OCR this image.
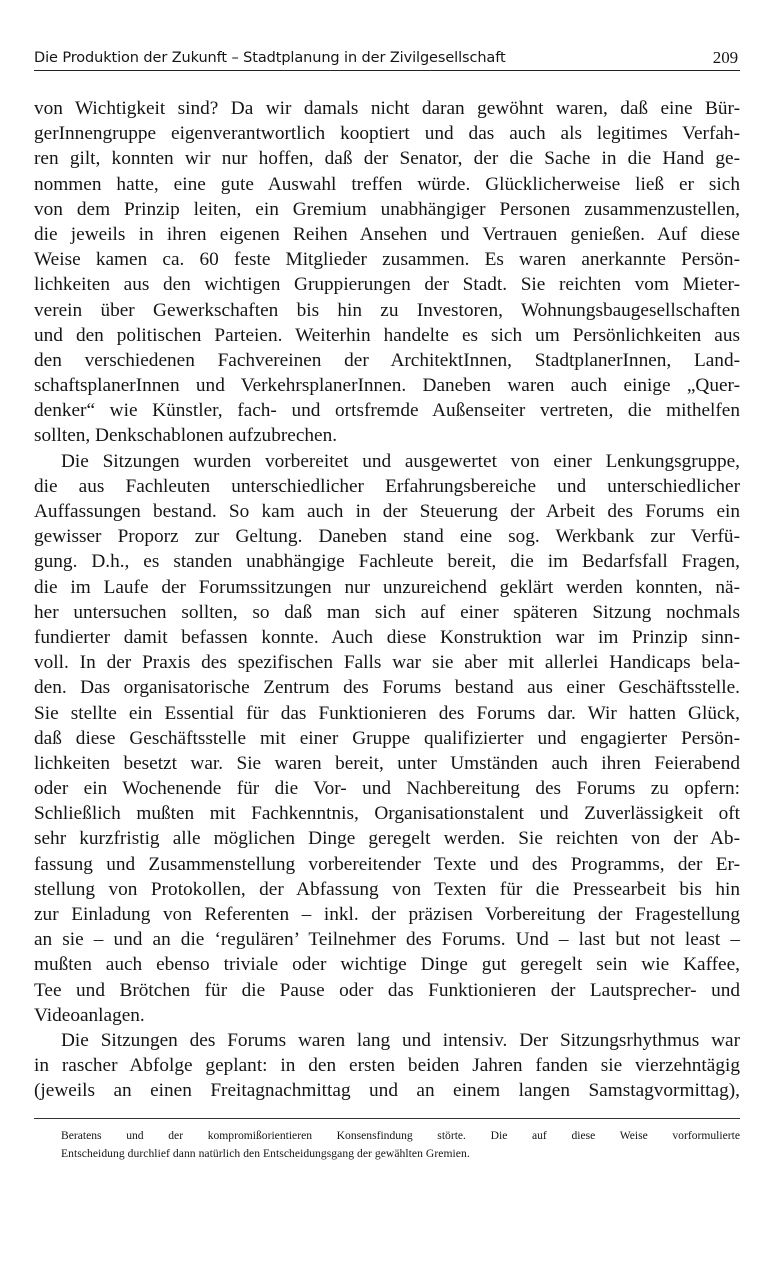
Die Produktion der Zukunft – Stadtplanung in der Zivilgesellschaft	209
von Wichtigkeit sind? Da wir damals nicht daran gewöhnt waren, daß eine Bür-
gerInnengruppe eigenverantwortlich kooptiert und das auch als legitimes Verfah-
ren gilt, konnten wir nur hoffen, daß der Senator, der die Sache in die Hand ge-
nommen hatte, eine gute Auswahl treffen würde. Glücklicherweise ließ er sich
von dem Prinzip leiten, ein Gremium unabhängiger Personen zusammenzustellen,
die jeweils in ihren eigenen Reihen Ansehen und Vertrauen genießen. Auf diese
Weise kamen ca. 60 feste Mitglieder zusammen. Es waren anerkannte Persön-
lichkeiten aus den wichtigen Gruppierungen der Stadt. Sie reichten vom Mieter-
verein über Gewerkschaften bis hin zu Investoren, Wohnungsbaugesellschaften
und den politischen Parteien. Weiterhin handelte es sich um Persönlichkeiten aus
den verschiedenen Fachvereinen der ArchitektInnen, StadtplanerInnen, Land-
schaftsplanerInnen und VerkehrsplanerInnen. Daneben waren auch einige „Quer-
denker“ wie Künstler, fach- und ortsfremde Außenseiter vertreten, die mithelfen
sollten, Denkschablonen aufzubrechen.
Die Sitzungen wurden vorbereitet und ausgewertet von einer Lenkungsgruppe,
die aus Fachleuten unterschiedlicher Erfahrungsbereiche und unterschiedlicher
Auffassungen bestand. So kam auch in der Steuerung der Arbeit des Forums ein
gewisser Proporz zur Geltung. Daneben stand eine sog. Werkbank zur Verfü-
gung. D.h., es standen unabhängige Fachleute bereit, die im Bedarfsfall Fragen,
die im Laufe der Forumssitzungen nur unzureichend geklärt werden konnten, nä-
her untersuchen sollten, so daß man sich auf einer späteren Sitzung nochmals
fundierter damit befassen konnte. Auch diese Konstruktion war im Prinzip sinn-
voll. In der Praxis des spezifischen Falls war sie aber mit allerlei Handicaps bela-
den. Das organisatorische Zentrum des Forums bestand aus einer Geschäftsstelle.
Sie stellte ein Essential für das Funktionieren des Forums dar. Wir hatten Glück,
daß diese Geschäftsstelle mit einer Gruppe qualifizierter und engagierter Persön-
lichkeiten besetzt war. Sie waren bereit, unter Umständen auch ihren Feierabend
oder ein Wochenende für die Vor- und Nachbereitung des Forums zu opfern:
Schließlich mußten mit Fachkenntnis, Organisationstalent und Zuverlässigkeit oft
sehr kurzfristig alle möglichen Dinge geregelt werden. Sie reichten von der Ab-
fassung und Zusammenstellung vorbereitender Texte und des Programms, der Er-
stellung von Protokollen, der Abfassung von Texten für die Pressearbeit bis hin
zur Einladung von Referenten – inkl. der präzisen Vorbereitung der Fragestellung
an sie – und an die ‘regulären’ Teilnehmer des Forums. Und – last but not least –
mußten auch ebenso triviale oder wichtige Dinge gut geregelt sein wie Kaffee,
Tee und Brötchen für die Pause oder das Funktionieren der Lautsprecher- und
Videoanlagen.
Die Sitzungen des Forums waren lang und intensiv. Der Sitzungsrhythmus war
in rascher Abfolge geplant: in den ersten beiden Jahren fanden sie vierzehntägig
(jeweils an einen Freitagnachmittag und an einem langen Samstagvormittag),
Beratens und der kompromißorientieren Konsensfindung störte. Die auf diese Weise vorformulierte
Entscheidung durchlief dann natürlich den Entscheidungsgang der gewählten Gremien.
